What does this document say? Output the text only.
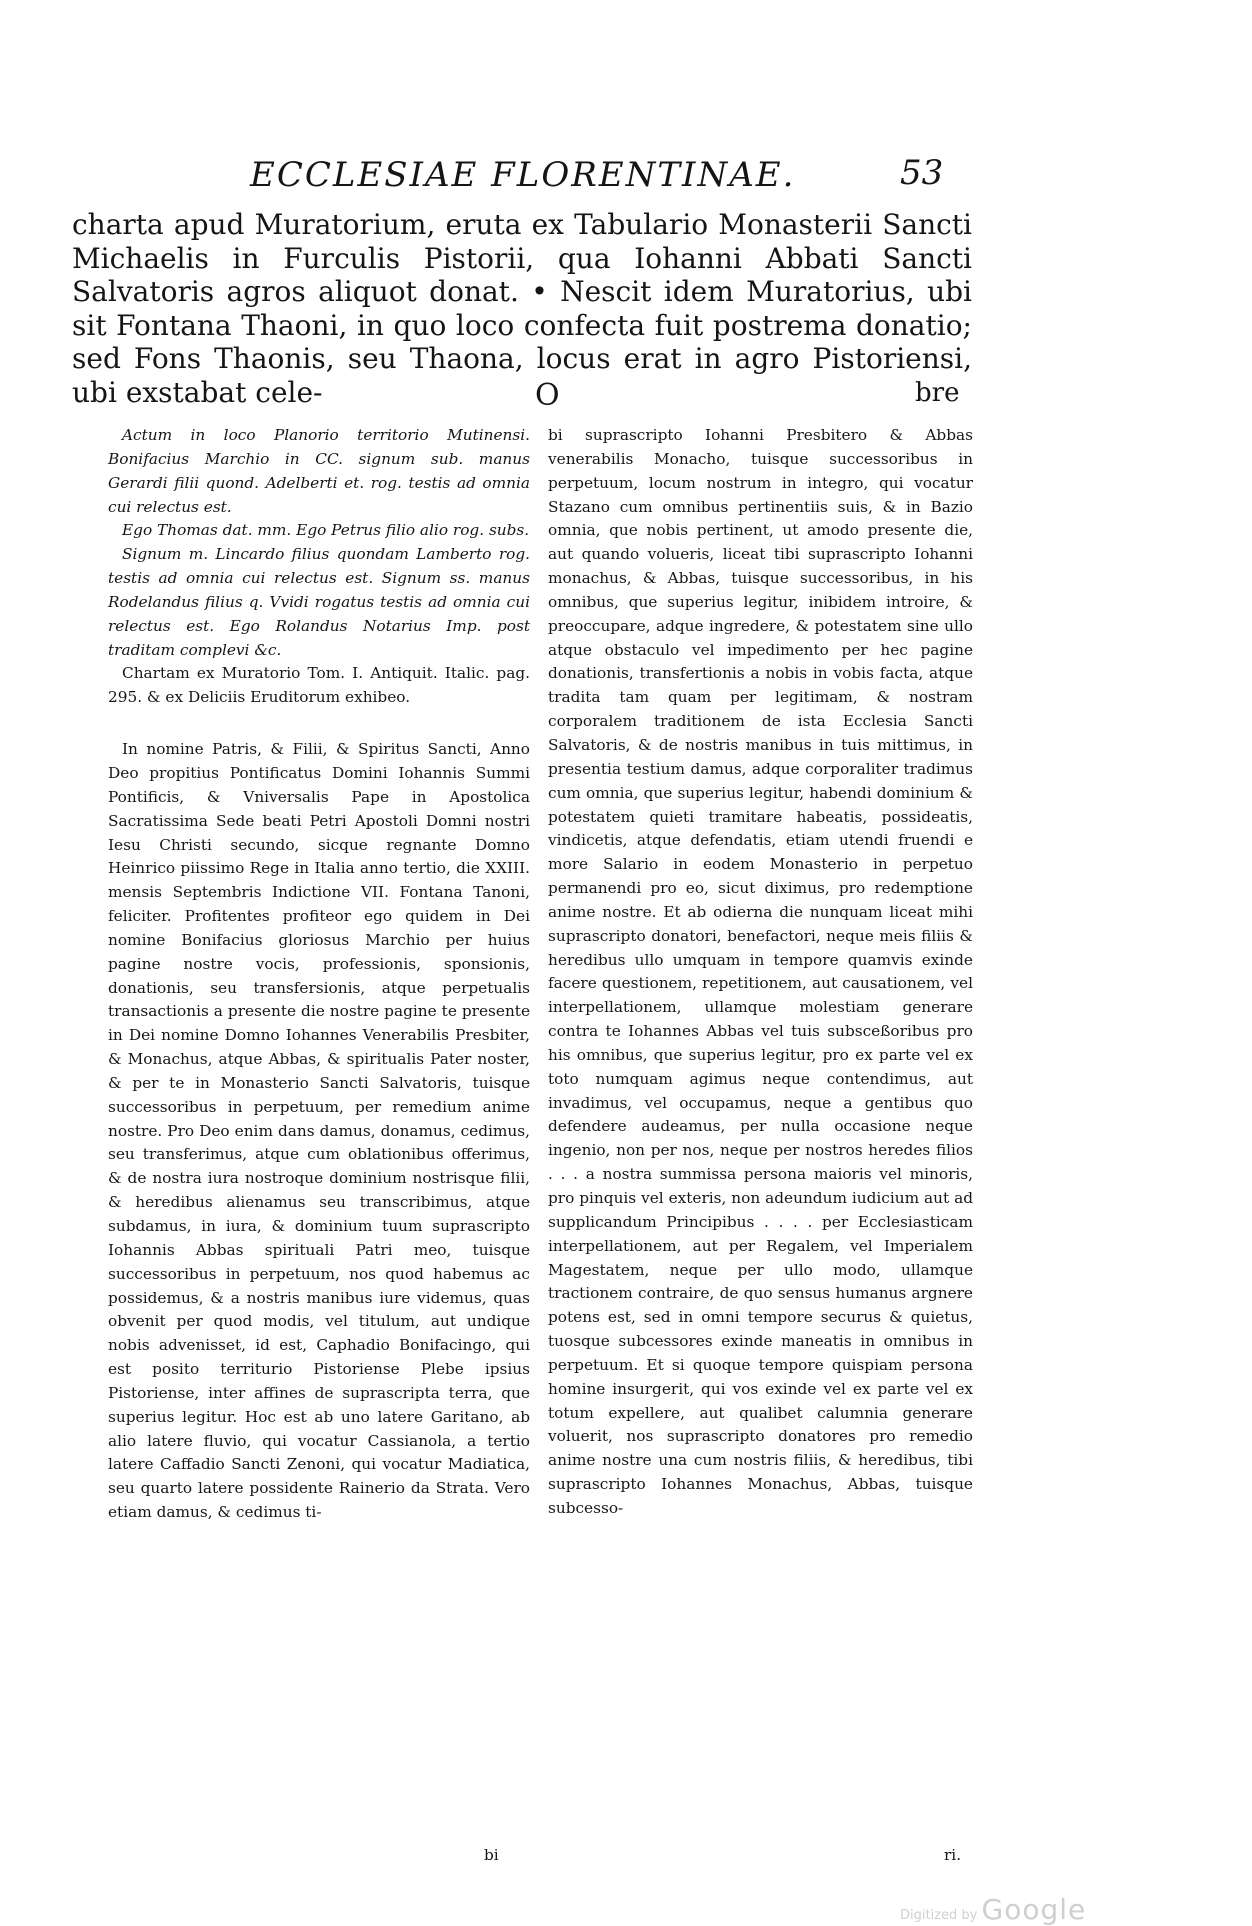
ECCLESIAE FLORENTINAE.	53

charta apud Muratorium, eruta ex Tabulario Monasterii Sancti Michaelis in Furculis Pistorii, qua Iohanni Abbati Sancti Salvatoris agros aliquot donat. • Nescit idem Muratorius, ubi sit Fontana Thaoni, in quo loco confecta fuit postrema donatio; sed Fons Thaonis, seu Thaona, locus erat in agro Pistoriensi, ubi exstabat cele-	O	bre

Actum in loco Planorio territorio Mutinensi. Bonifacius Marchio in CC. signum sub. manus Gerardi filii quond. Adelberti et. rog. testis ad omnia cui relectus est.

Ego Thomas dat. mm. Ego Petrus filio alio rog. subs.

Signum m. Lincardo filius quondam Lamberto rog. testis ad omnia cui relectus est. Signum ss. manus Rodelandus filius q. Vvidi rogatus testis ad omnia cui relectus est. Ego Rolandus Notarius Imp. post traditam complevi &c.

Chartam ex Muratorio Tom. I. Antiquit. Italic. pag. 295. & ex Deliciis Eruditorum exhibeo.

In nomine Patris, & Filii, & Spiritus Sancti, Anno Deo propitius Pontificatus Domini Iohannis Summi Pontificis, & Vniversalis Pape in Apostolica Sacratissima Sede beati Petri Apostoli Domni nostri Iesu Christi secundo, sicque regnante Domno Heinrico piissimo Rege in Italia anno tertio, die XXIII. mensis Septembris Indictione VII. Fontana Tanoni, feliciter. Profitentes profiteor ego quidem in Dei nomine Bonifacius gloriosus Marchio per huius pagine nostre vocis, professionis, sponsionis, donationis, seu transfersionis, atque perpetualis transactionis a presente die nostre pagine te presente in Dei nomine Domno Iohannes Venerabilis Presbiter, & Monachus, atque Abbas, & spiritualis Pater noster, & per te in Monasterio Sancti Salvatoris, tuisque successoribus in perpetuum, per remedium anime nostre. Pro Deo enim dans damus, donamus, cedimus, seu transferimus, atque cum oblationibus offerimus, & de nostra iura nostroque dominium nostrisque filii, & heredibus alienamus seu transcribimus, atque subdamus, in iura, & dominium tuum suprascripto Iohannis Abbas spirituali Patri meo, tuisque successoribus in perpetuum, nos quod habemus ac possidemus, & a nostris manibus iure videmus, quas obvenit per quod modis, vel titulum, aut undique nobis advenisset, id est, Caphadio Bonifacingo, qui est posito territurio Pistoriense Plebe ipsius Pistoriense, inter affines de suprascripta terra, que superius legitur. Hoc est ab uno latere Garitano, ab alio latere fluvio, qui vocatur Cassianola, a tertio latere Caffadio Sancti Zenoni, qui vocatur Madiatica, seu quarto latere possidente Rainerio da Strata. Vero etiam damus, & cedimus ti-

bi

bi suprascripto Iohanni Presbitero & Abbas venerabilis Monacho, tuisque successoribus in perpetuum, locum nostrum in integro, qui vocatur Stazano cum omnibus pertinentiis suis, & in Bazio omnia, que nobis pertinent, ut amodo presente die, aut quando volueris, liceat tibi suprascripto Iohanni monachus, & Abbas, tuisque successoribus, in his omnibus, que superius legitur, inibidem introire, & preoccupare, adque ingredere, & potestatem sine ullo atque obstaculo vel impedimento per hec pagine donationis, transfertionis a nobis in vobis facta, atque tradita tam quam per legitimam, & nostram corporalem traditionem de ista Ecclesia Sancti Salvatoris, & de nostris manibus in tuis mittimus, in presentia testium damus, adque corporaliter tradimus cum omnia, que superius legitur, habendi dominium & potestatem quieti tramitare habeatis, possideatis, vindicetis, atque defendatis, etiam utendi fruendi e more Salario in eodem Monasterio in perpetuo permanendi pro eo, sicut diximus, pro redemptione anime nostre. Et ab odierna die nunquam liceat mihi suprascripto donatori, benefactori, neque meis filiis & heredibus ullo umquam in tempore quamvis exinde facere questionem, repetitionem, aut causationem, vel interpellationem, ullamque molestiam generare contra te Iohannes Abbas vel tuis subsceßoribus pro his omnibus, que superius legitur, pro ex parte vel ex toto numquam agimus neque contendimus, aut invadimus, vel occupamus, neque a gentibus quo defendere audeamus, per nulla occasione neque ingenio, non per nos, neque per nostros heredes filios . . . a nostra summissa persona maioris vel minoris, pro pinquis vel exteris, non adeundum iudicium aut ad supplicandum Principibus . . . . per Ecclesiasticam interpellationem, aut per Regalem, vel Imperialem Magestatem, neque per ullo modo, ullamque tractionem contraire, de quo sensus humanus argnere potens est, sed in omni tempore securus & quietus, tuosque subcessores exinde maneatis in omnibus in perpetuum. Et si quoque tempore quispiam persona homine insurgerit, qui vos exinde vel ex parte vel ex totum expellere, aut qualibet calumnia generare voluerit, nos suprascripto donatores pro remedio anime nostre una cum nostris filiis, & heredibus, tibi suprascripto Iohannes Monachus, Abbas, tuisque subcesso-

ri.
Digitized by Google
